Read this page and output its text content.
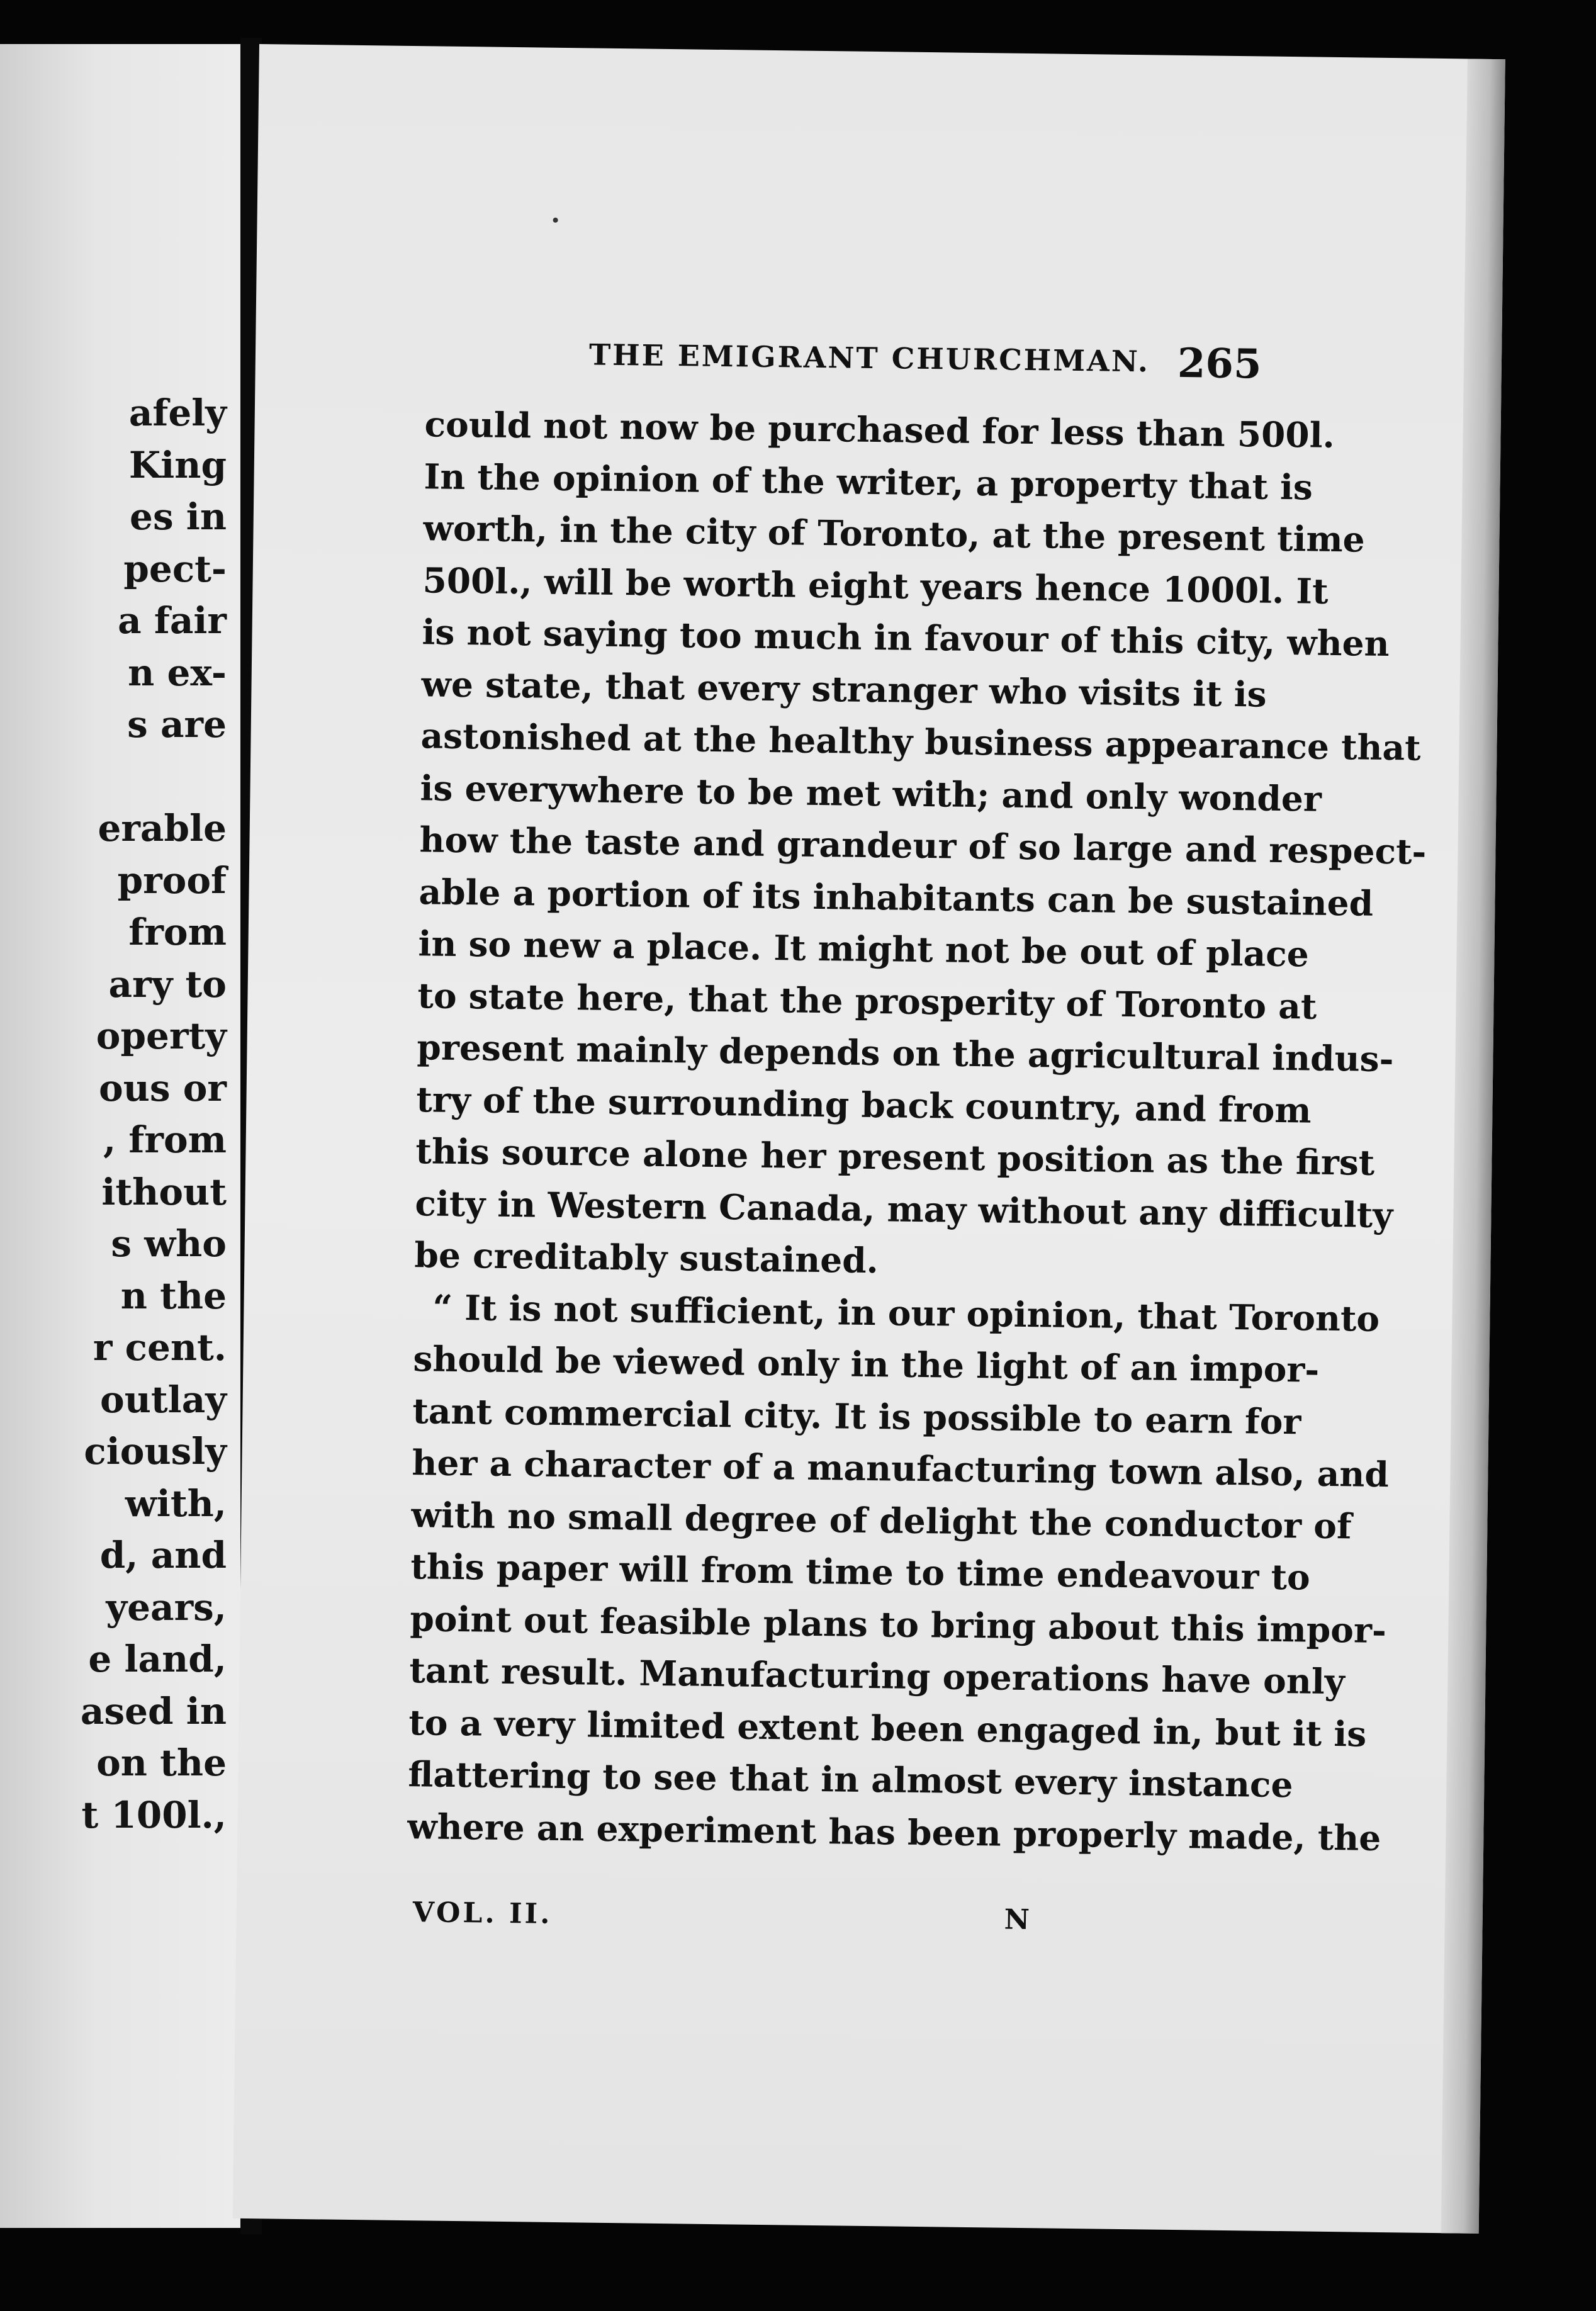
afely
King
es in
pect-
a fair
n ex-
s are
erable
proof
from
ary to
operty
ous or
, from
ithout
s who
n the
r cent.
outlay
ciously
with,
d, and
years,
e land,
ased in
on the
t 100l.,
THE EMIGRANT CHURCHMAN. 265
could not now be purchased for less than 500l.
In the opinion of the writer, a property that is
worth, in the city of Toronto, at the present time
500l., will be worth eight years hence 1000l. It
is not saying too much in favour of this city, when
we state, that every stranger who visits it is
astonished at the healthy business appearance that
is everywhere to be met with; and only wonder
how the taste and grandeur of so large and respect-
able a portion of its inhabitants can be sustained
in so new a place. It might not be out of place
to state here, that the prosperity of Toronto at
present mainly depends on the agricultural indus-
try of the surrounding back country, and from
this source alone her present position as the first
city in Western Canada, may without any difficulty
be creditably sustained.
“ It is not sufficient, in our opinion, that Toronto
should be viewed only in the light of an impor-
tant commercial city. It is possible to earn for
her a character of a manufacturing town also, and
with no small degree of delight the conductor of
this paper will from time to time endeavour to
point out feasible plans to bring about this impor-
tant result. Manufacturing operations have only
to a very limited extent been engaged in, but it is
flattering to see that in almost every instance
where an experiment has been properly made, the
VOL. II.	N
